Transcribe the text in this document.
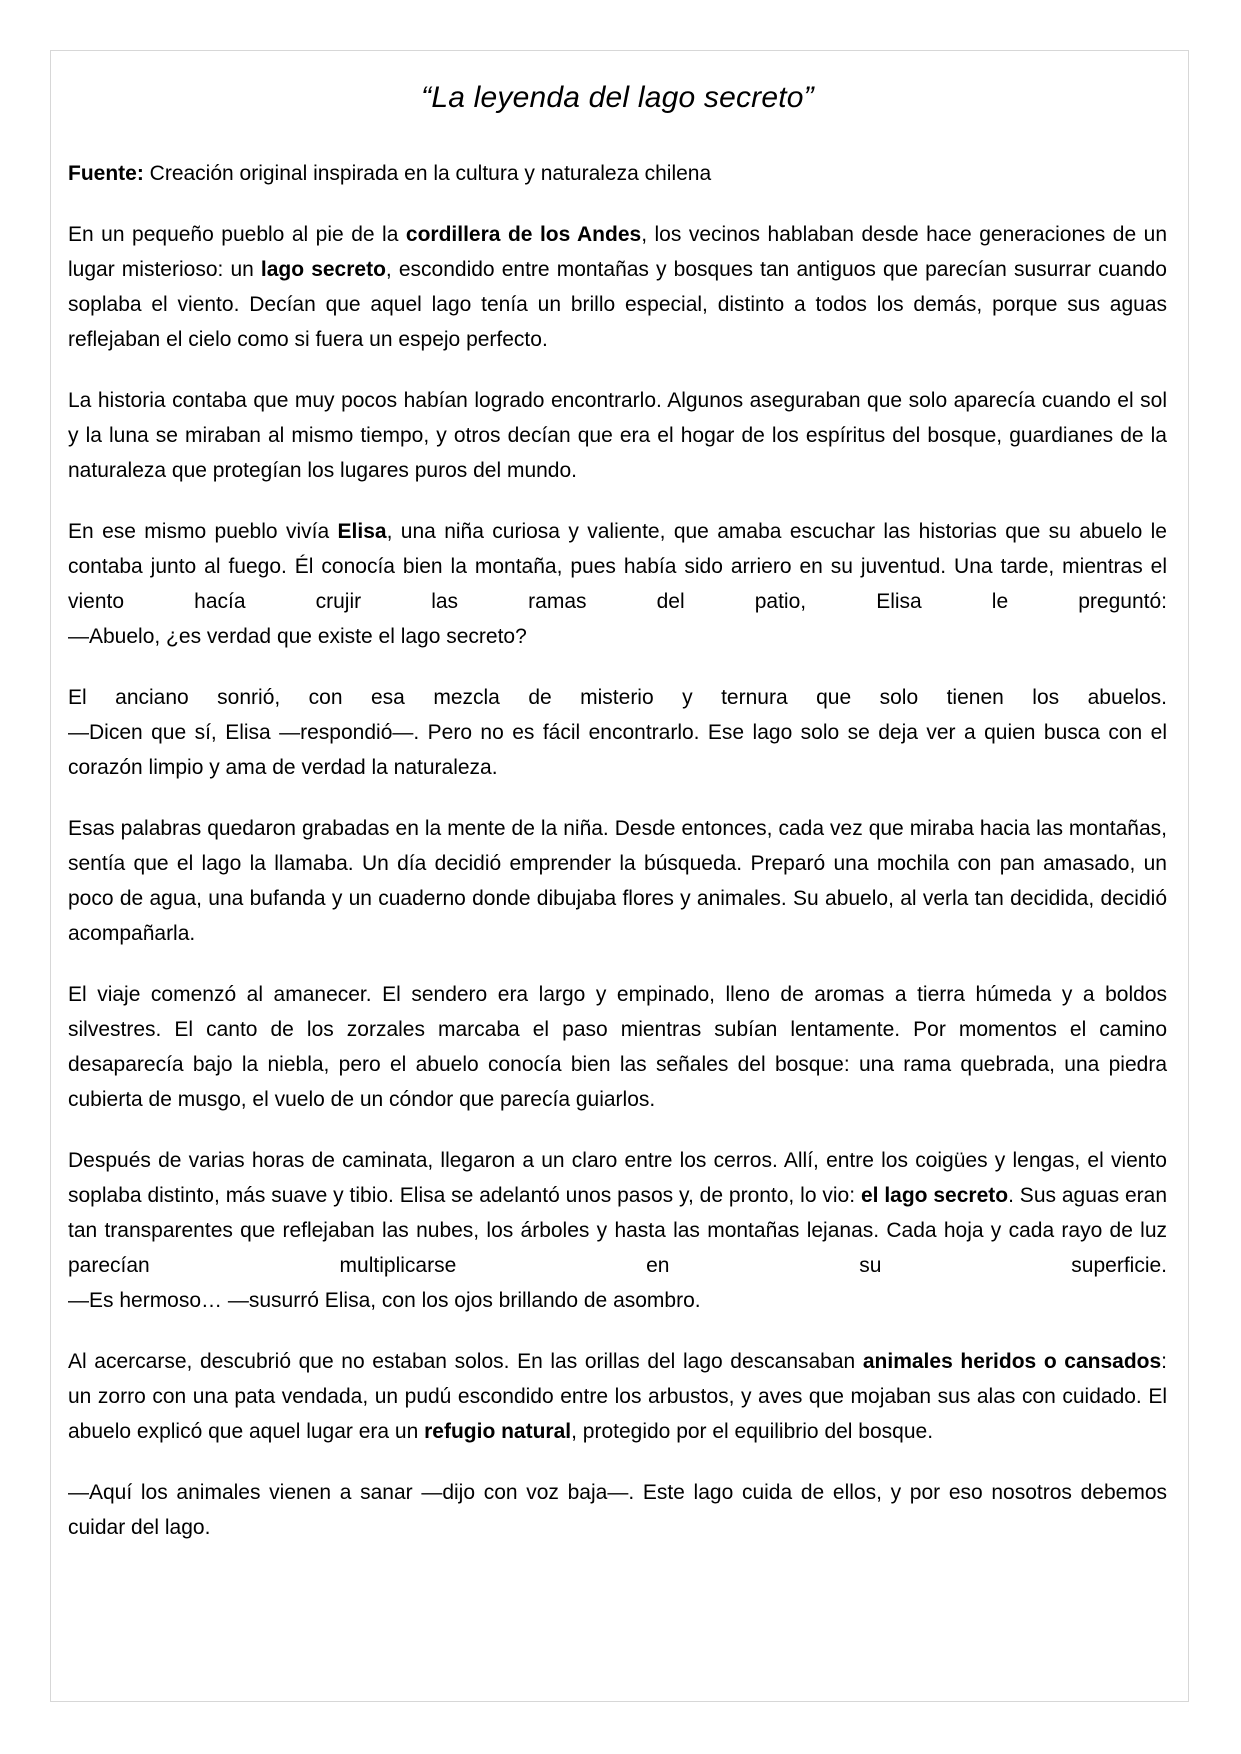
“La leyenda del lago secreto”

Fuente: Creación original inspirada en la cultura y naturaleza chilena

En un pequeño pueblo al pie de la cordillera de los Andes, los vecinos hablaban desde hace generaciones de un lugar misterioso: un lago secreto, escondido entre montañas y bosques tan antiguos que parecían susurrar cuando soplaba el viento. Decían que aquel lago tenía un brillo especial, distinto a todos los demás, porque sus aguas reflejaban el cielo como si fuera un espejo perfecto.
La historia contaba que muy pocos habían logrado encontrarlo. Algunos aseguraban que solo aparecía cuando el sol y la luna se miraban al mismo tiempo, y otros decían que era el hogar de los espíritus del bosque, guardianes de la naturaleza que protegían los lugares puros del mundo.
En ese mismo pueblo vivía Elisa, una niña curiosa y valiente, que amaba escuchar las historias que su abuelo le contaba junto al fuego. Él conocía bien la montaña, pues había sido arriero en su juventud. Una tarde, mientras el viento hacía crujir las ramas del patio, Elisa le preguntó:
—Abuelo, ¿es verdad que existe el lago secreto?
El anciano sonrió, con esa mezcla de misterio y ternura que solo tienen los abuelos.
—Dicen que sí, Elisa —respondió—. Pero no es fácil encontrarlo. Ese lago solo se deja ver a quien busca con el corazón limpio y ama de verdad la naturaleza.
Esas palabras quedaron grabadas en la mente de la niña. Desde entonces, cada vez que miraba hacia las montañas, sentía que el lago la llamaba. Un día decidió emprender la búsqueda. Preparó una mochila con pan amasado, un poco de agua, una bufanda y un cuaderno donde dibujaba flores y animales. Su abuelo, al verla tan decidida, decidió acompañarla.
El viaje comenzó al amanecer. El sendero era largo y empinado, lleno de aromas a tierra húmeda y a boldos silvestres. El canto de los zorzales marcaba el paso mientras subían lentamente. Por momentos el camino desaparecía bajo la niebla, pero el abuelo conocía bien las señales del bosque: una rama quebrada, una piedra cubierta de musgo, el vuelo de un cóndor que parecía guiarlos.
Después de varias horas de caminata, llegaron a un claro entre los cerros. Allí, entre los coigües y lengas, el viento soplaba distinto, más suave y tibio. Elisa se adelantó unos pasos y, de pronto, lo vio: el lago secreto. Sus aguas eran tan transparentes que reflejaban las nubes, los árboles y hasta las montañas lejanas. Cada hoja y cada rayo de luz parecían multiplicarse en su superficie.
—Es hermoso… —susurró Elisa, con los ojos brillando de asombro.
Al acercarse, descubrió que no estaban solos. En las orillas del lago descansaban animales heridos o cansados: un zorro con una pata vendada, un pudú escondido entre los arbustos, y aves que mojaban sus alas con cuidado. El abuelo explicó que aquel lugar era un refugio natural, protegido por el equilibrio del bosque.
—Aquí los animales vienen a sanar —dijo con voz baja—. Este lago cuida de ellos, y por eso nosotros debemos cuidar del lago.
